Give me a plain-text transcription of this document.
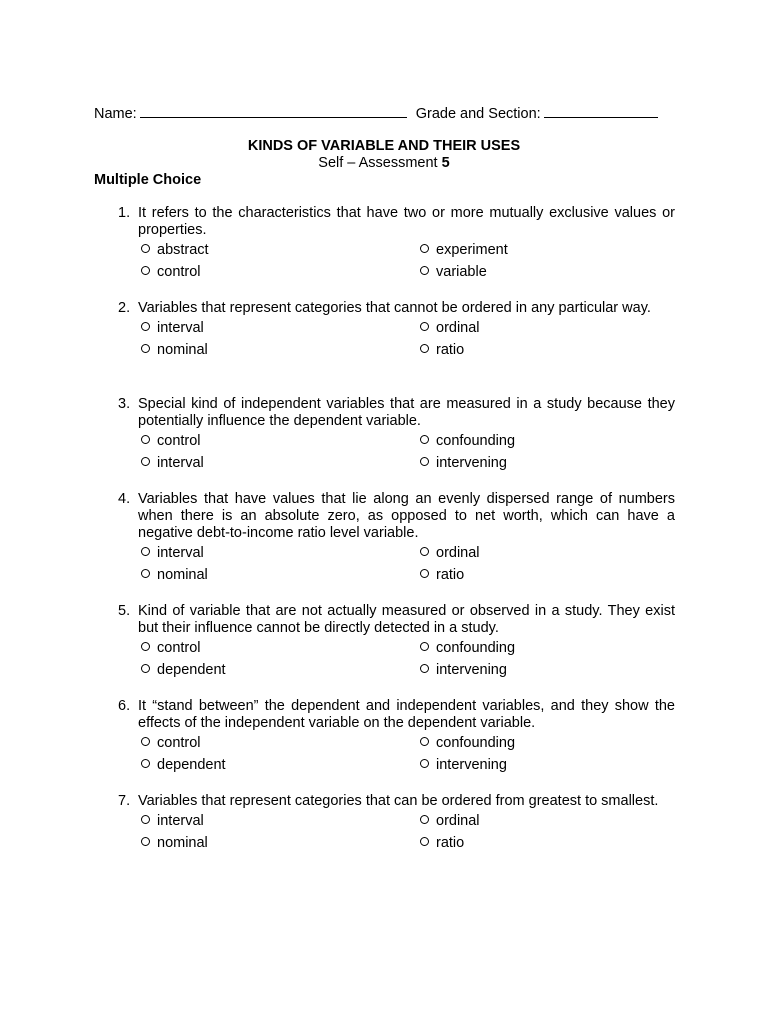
Name:	Grade and Section:
KINDS OF VARIABLE AND THEIR USES
Self – Assessment 5
Multiple Choice
1. It refers to the characteristics that have two or more mutually exclusive values or properties.
abstract	experiment
control	variable
2. Variables that represent categories that cannot be ordered in any particular way.
interval	ordinal
nominal	ratio
3. Special kind of independent variables that are measured in a study because they potentially influence the dependent variable.
control	confounding
interval	intervening
4. Variables that have values that lie along an evenly dispersed range of numbers when there is an absolute zero, as opposed to net worth, which can have a negative debt-to-income ratio level variable.
interval	ordinal
nominal	ratio
5. Kind of variable that are not actually measured or observed in a study. They exist but their influence cannot be directly detected in a study.
control	confounding
dependent	intervening
6. It “stand between” the dependent and independent variables, and they show the effects of the independent variable on the dependent variable.
control	confounding
dependent	intervening
7. Variables that represent categories that can be ordered from greatest to smallest.
interval	ordinal
nominal	ratio
